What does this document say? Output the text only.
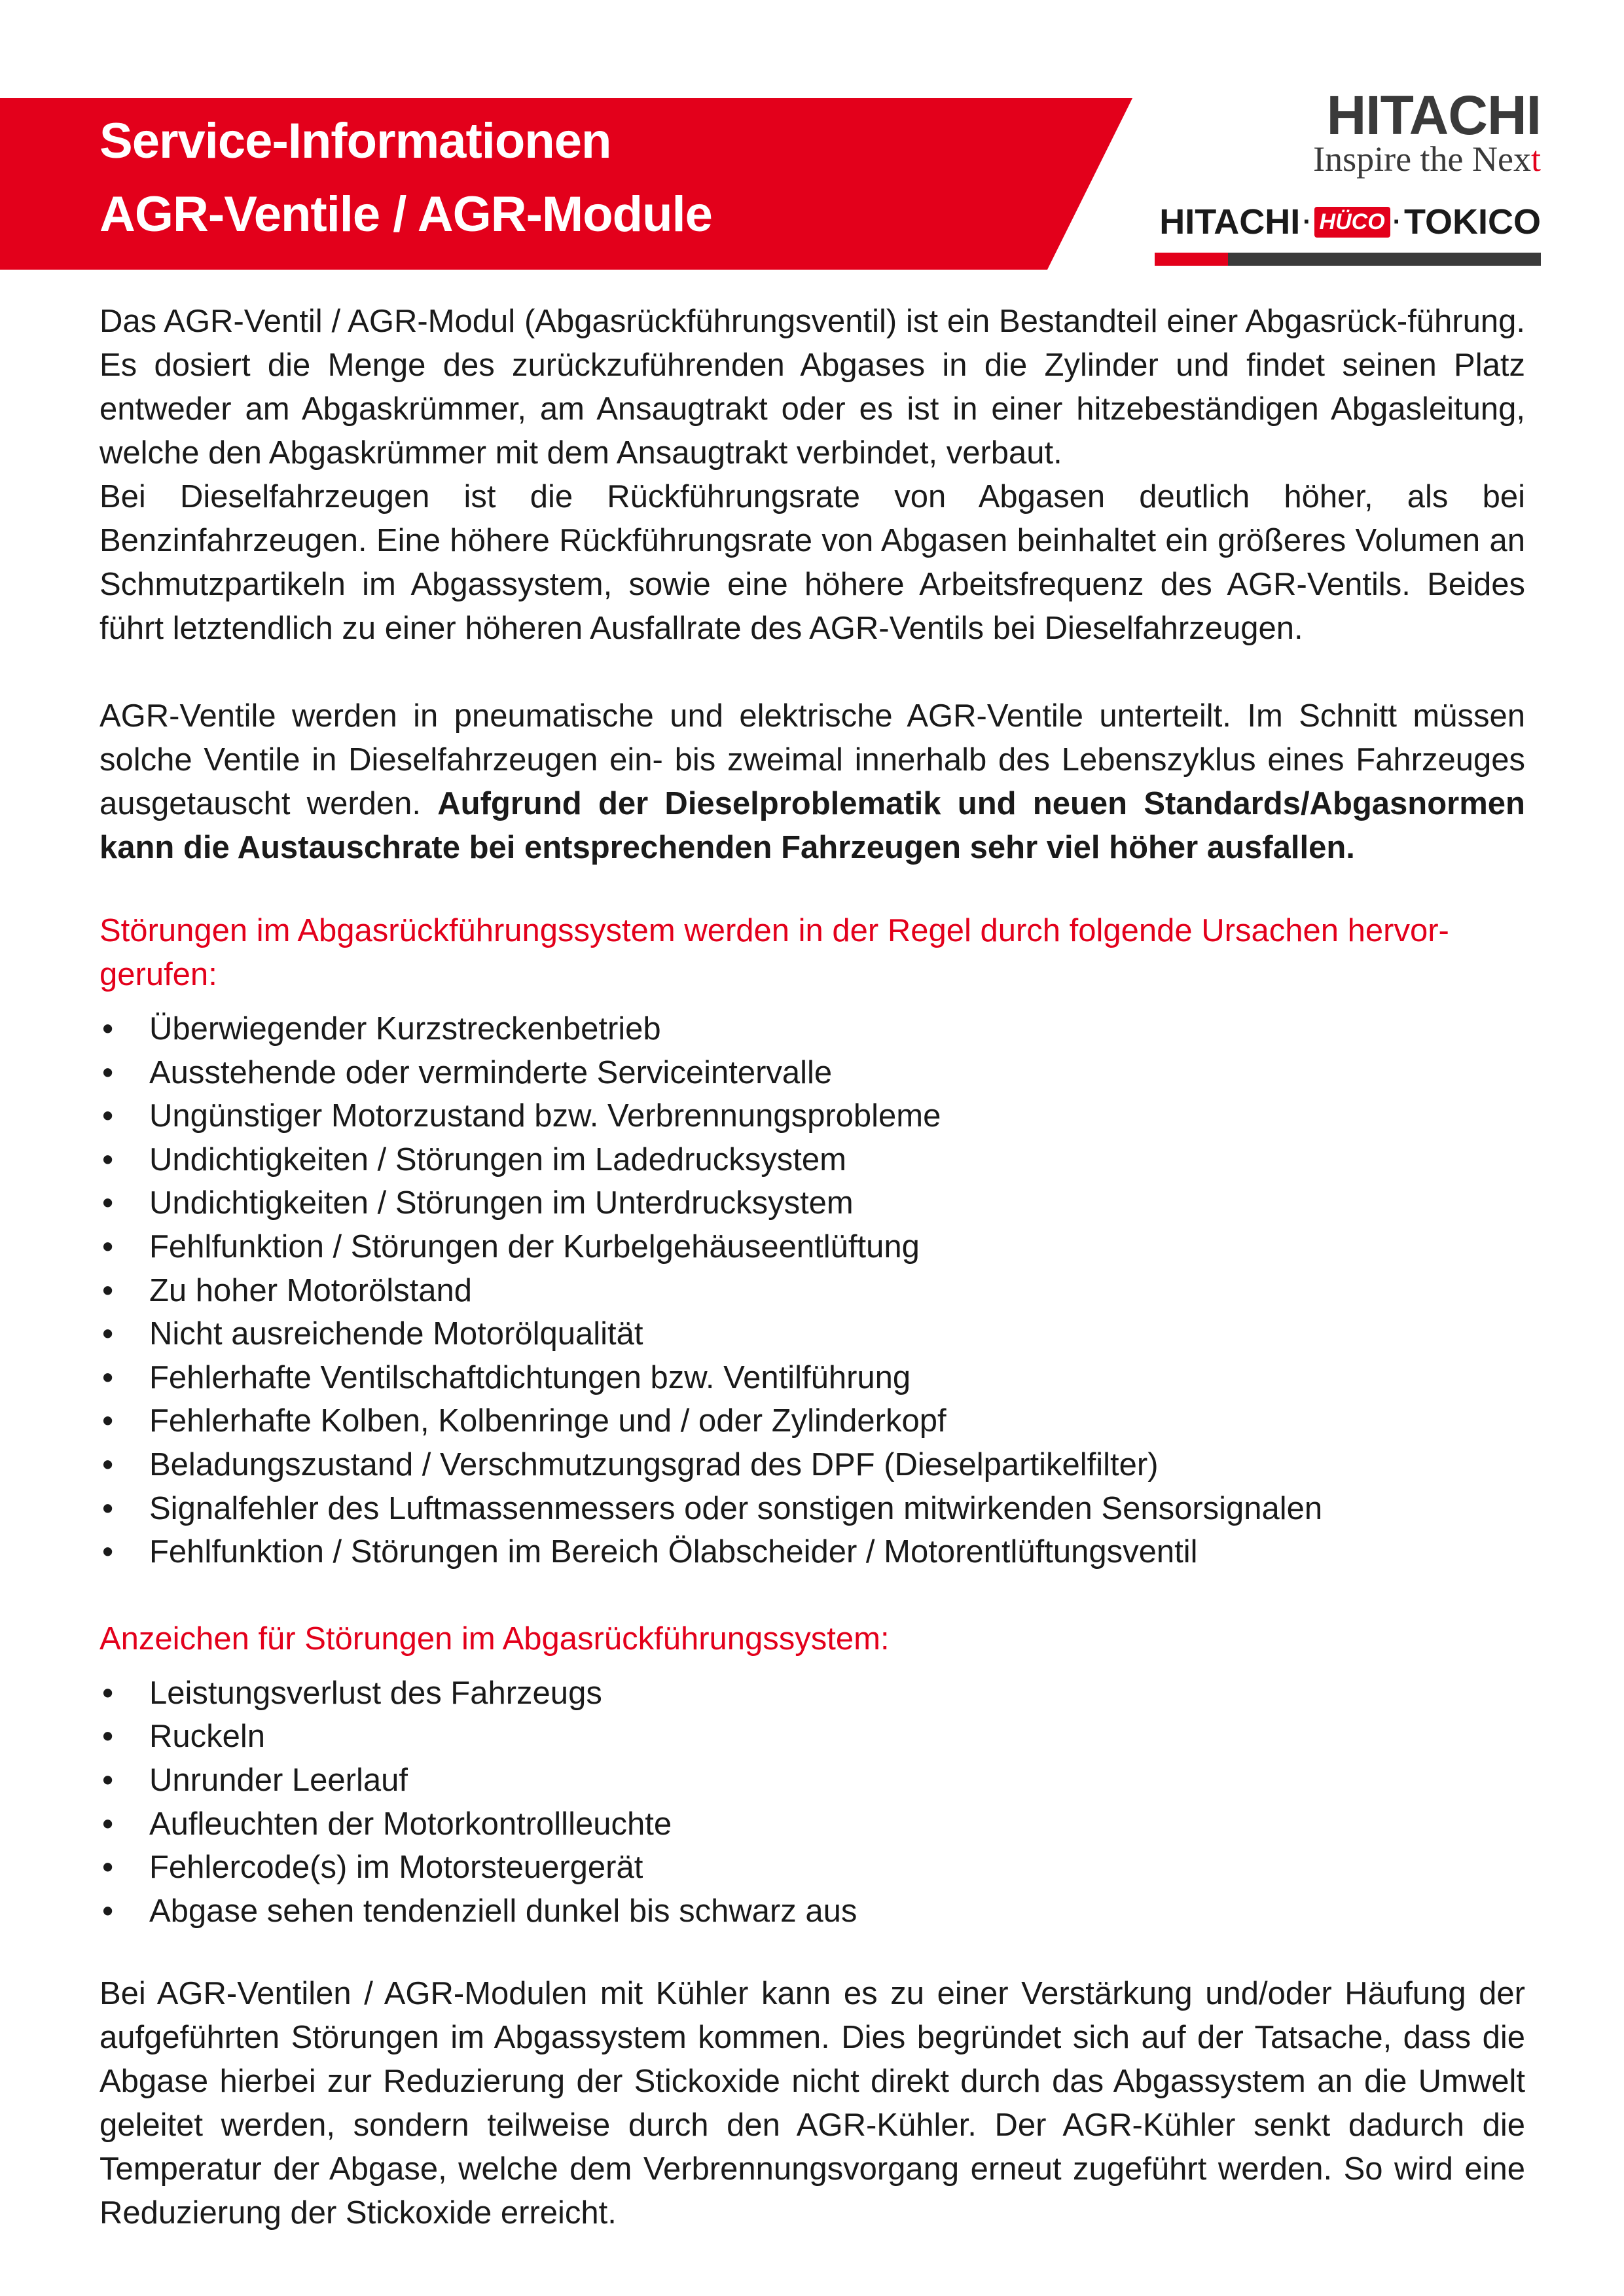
Service-Informationen
AGR-Ventile / AGR-Module
HITACHI
Inspire the Next
HITACHI · HÜCO · TOKICO

Das AGR-Ventil / AGR-Modul (Abgasrückführungsventil) ist ein Bestandteil einer Abgasrück-führung. Es dosiert die Menge des zurückzuführenden Abgases in die Zylinder und findet seinen Platz entweder am Abgaskrümmer, am Ansaugtrakt oder es ist in einer hitzebeständigen Abgasleitung, welche den Abgaskrümmer mit dem Ansaugtrakt verbindet, verbaut.

Bei Dieselfahrzeugen ist die Rückführungsrate von Abgasen deutlich höher, als bei Benzinfahrzeugen. Eine höhere Rückführungsrate von Abgasen beinhaltet ein größeres Volumen an Schmutzpartikeln im Abgassystem, sowie eine höhere Arbeitsfrequenz des AGR-Ventils. Beides führt letztendlich zu einer höheren Ausfallrate des AGR-Ventils bei Dieselfahrzeugen.

AGR-Ventile werden in pneumatische und elektrische AGR-Ventile unterteilt. Im Schnitt müssen solche Ventile in Dieselfahrzeugen ein- bis zweimal innerhalb des Lebenszyklus eines Fahrzeuges ausgetauscht werden. Aufgrund der Dieselproblematik und neuen Standards/Abgasnormen kann die Austauschrate bei entsprechenden Fahrzeugen sehr viel höher ausfallen.

Störungen im Abgasrückführungssystem werden in der Regel durch folgende Ursachen hervor-gerufen:

• Überwiegender Kurzstreckenbetrieb
• Ausstehende oder verminderte Serviceintervalle
• Ungünstiger Motorzustand bzw. Verbrennungsprobleme
• Undichtigkeiten / Störungen im Ladedrucksystem
• Undichtigkeiten / Störungen im Unterdrucksystem
• Fehlfunktion / Störungen der Kurbelgehäuseentlüftung
• Zu hoher Motorölstand
• Nicht ausreichende Motorölqualität
• Fehlerhafte Ventilschaftdichtungen bzw. Ventilführung
• Fehlerhafte Kolben, Kolbenringe und / oder Zylinderkopf
• Beladungszustand / Verschmutzungsgrad des DPF (Dieselpartikelfilter)
• Signalfehler des Luftmassenmessers oder sonstigen mitwirkenden Sensorsignalen
• Fehlfunktion / Störungen im Bereich Ölabscheider / Motorentlüftungsventil

Anzeichen für Störungen im Abgasrückführungssystem:

• Leistungsverlust des Fahrzeugs
• Ruckeln
• Unrunder Leerlauf
• Aufleuchten der Motorkontrollleuchte
• Fehlercode(s) im Motorsteuergerät
• Abgase sehen tendenziell dunkel bis schwarz aus

Bei AGR-Ventilen / AGR-Modulen mit Kühler kann es zu einer Verstärkung und/oder Häufung der aufgeführten Störungen im Abgassystem kommen. Dies begründet sich auf der Tatsache, dass die Abgase hierbei zur Reduzierung der Stickoxide nicht direkt durch das Abgassystem an die Umwelt geleitet werden, sondern teilweise durch den AGR-Kühler. Der AGR-Kühler senkt dadurch die Temperatur der Abgase, welche dem Verbrennungsvorgang erneut zugeführt werden. So wird eine Reduzierung der Stickoxide erreicht.
